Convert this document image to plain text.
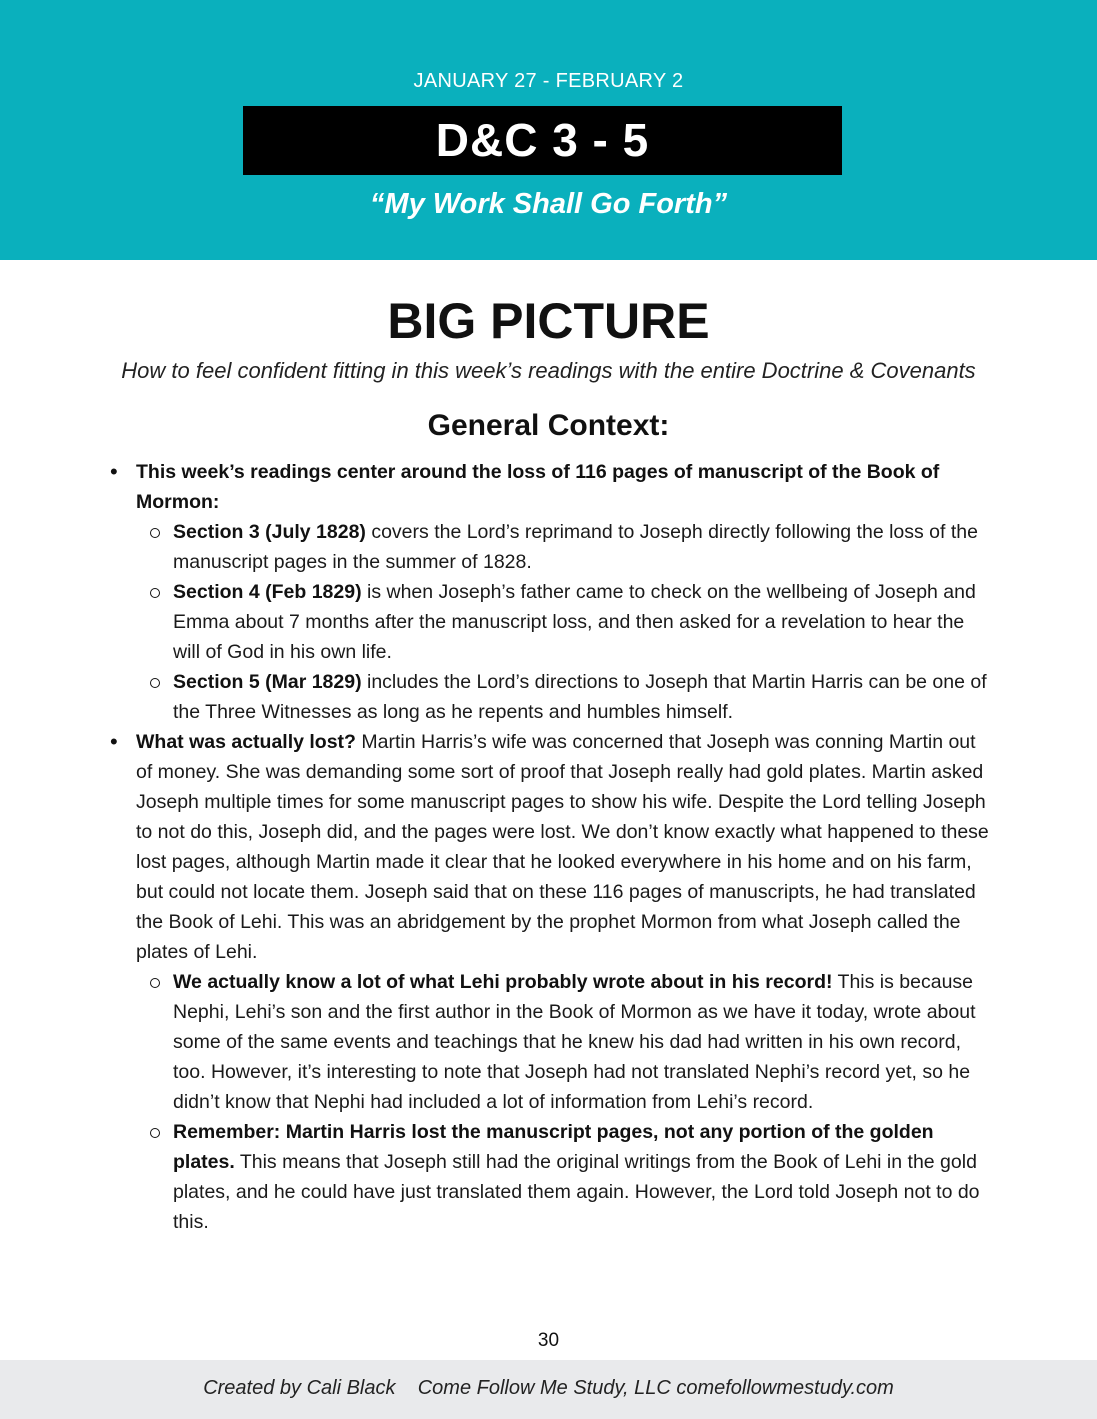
JANUARY 27 - FEBRUARY 2
D&C 3 - 5
“My Work Shall Go Forth”
BIG PICTURE
How to feel confident fitting in this week’s readings with the entire Doctrine & Covenants
General Context:
• This week’s readings center around the loss of 116 pages of manuscript of the Book of Mormon:
Section 3 (July 1828) covers the Lord’s reprimand to Joseph directly following the loss of the manuscript pages in the summer of 1828.
Section 4 (Feb 1829) is when Joseph’s father came to check on the wellbeing of Joseph and Emma about 7 months after the manuscript loss, and then asked for a revelation to hear the will of God in his own life.
Section 5 (Mar 1829) includes the Lord’s directions to Joseph that Martin Harris can be one of the Three Witnesses as long as he repents and humbles himself.
• What was actually lost? Martin Harris’s wife was concerned that Joseph was conning Martin out of money. She was demanding some sort of proof that Joseph really had gold plates. Martin asked Joseph multiple times for some manuscript pages to show his wife. Despite the Lord telling Joseph to not do this, Joseph did, and the pages were lost. We don’t know exactly what happened to these lost pages, although Martin made it clear that he looked everywhere in his home and on his farm, but could not locate them. Joseph said that on these 116 pages of manuscripts, he had translated the Book of Lehi. This was an abridgement by the prophet Mormon from what Joseph called the plates of Lehi.
We actually know a lot of what Lehi probably wrote about in his record! This is because Nephi, Lehi’s son and the first author in the Book of Mormon as we have it today, wrote about some of the same events and teachings that he knew his dad had written in his own record, too. However, it’s interesting to note that Joseph had not translated Nephi’s record yet, so he didn’t know that Nephi had included a lot of information from Lehi’s record.
Remember: Martin Harris lost the manuscript pages, not any portion of the golden plates. This means that Joseph still had the original writings from the Book of Lehi in the gold plates, and he could have just translated them again. However, the Lord told Joseph not to do this.
30
Created by Cali Black    Come Follow Me Study, LLC comefollowmestudy.com
